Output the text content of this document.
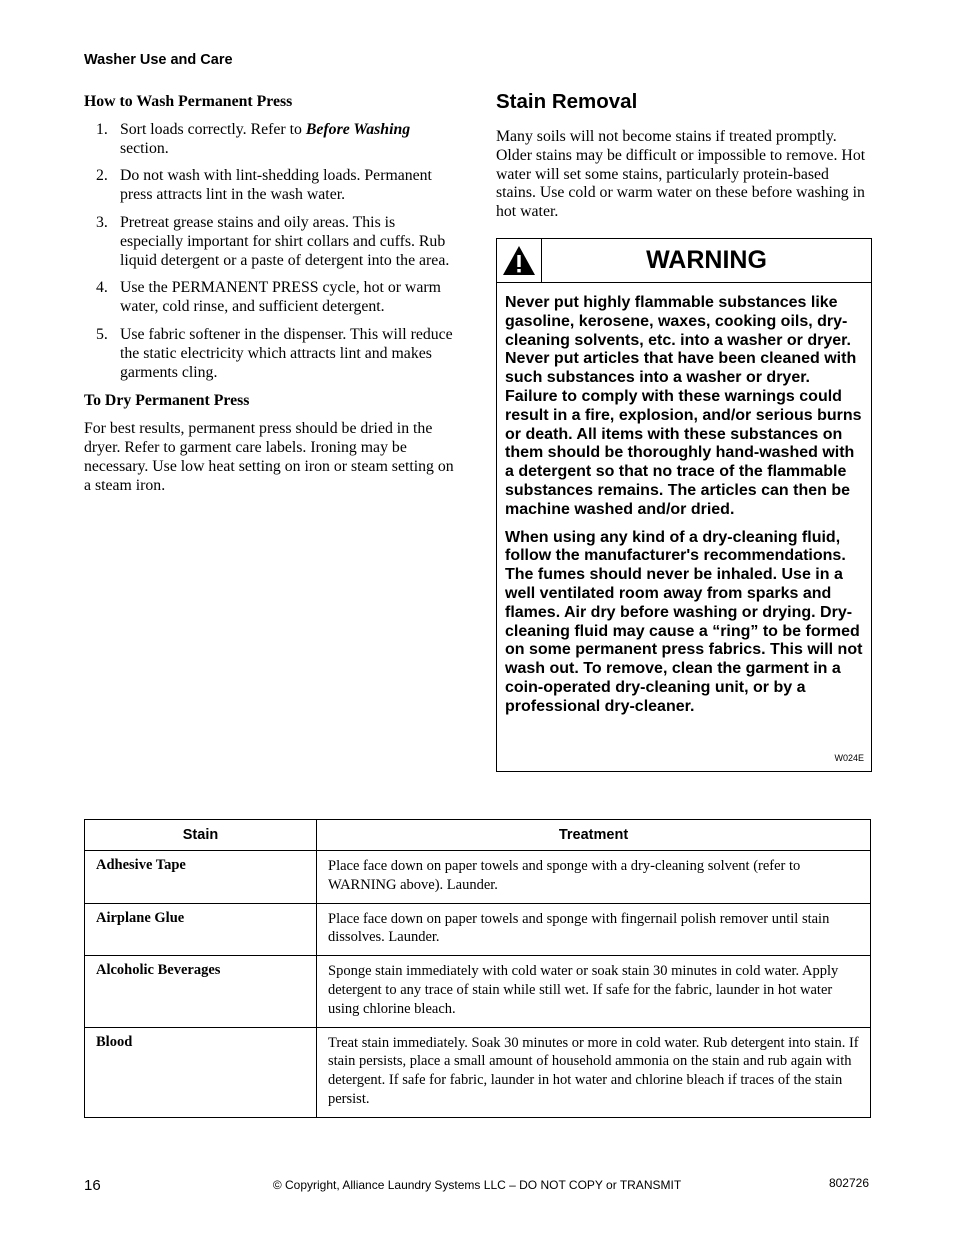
Washer Use and Care
How to Wash Permanent Press
1. Sort loads correctly. Refer to Before Washing section.
2. Do not wash with lint-shedding loads. Permanent press attracts lint in the wash water.
3. Pretreat grease stains and oily areas. This is especially important for shirt collars and cuffs. Rub liquid detergent or a paste of detergent into the area.
4. Use the PERMANENT PRESS cycle, hot or warm water, cold rinse, and sufficient detergent.
5. Use fabric softener in the dispenser. This will reduce the static electricity which attracts lint and makes garments cling.
To Dry Permanent Press

For best results, permanent press should be dried in the dryer. Refer to garment care labels. Ironing may be necessary. Use low heat setting on iron or steam setting on a steam iron.

Stain Removal

Many soils will not become stains if treated promptly. Older stains may be difficult or impossible to remove. Hot water will set some stains, particularly protein-based stains. Use cold or warm water on these before washing in hot water.

WARNING

Never put highly flammable substances like gasoline, kerosene, waxes, cooking oils, dry-cleaning solvents, etc. into a washer or dryer. Never put articles that have been cleaned with such substances into a washer or dryer. Failure to comply with these warnings could result in a fire, explosion, and/or serious burns or death. All items with these substances on them should be thoroughly hand-washed with a detergent so that no trace of the flammable substances remains. The articles can then be machine washed and/or dried.

When using any kind of a dry-cleaning fluid, follow the manufacturer's recommendations. The fumes should never be inhaled. Use in a well ventilated room away from sparks and flames. Air dry before washing or drying. Dry-cleaning fluid may cause a “ring” to be formed on some permanent press fabrics. This will not wash out. To remove, clean the garment in a coin-operated dry-cleaning unit, or by a professional dry-cleaner.

W024E
Stain	Treatment
Adhesive Tape	Place face down on paper towels and sponge with a dry-cleaning solvent (refer to WARNING above). Launder.
Airplane Glue	Place face down on paper towels and sponge with fingernail polish remover until stain dissolves. Launder.
Alcoholic Beverages	Sponge stain immediately with cold water or soak stain 30 minutes in cold water. Apply detergent to any trace of stain while still wet. If safe for the fabric, launder in hot water using chlorine bleach.
Blood	Treat stain immediately. Soak 30 minutes or more in cold water. Rub detergent into stain. If stain persists, place a small amount of household ammonia on the stain and rub again with detergent. If safe for fabric, launder in hot water and chlorine bleach if traces of the stain persist.
16	© Copyright, Alliance Laundry Systems LLC – DO NOT COPY or TRANSMIT	802726
